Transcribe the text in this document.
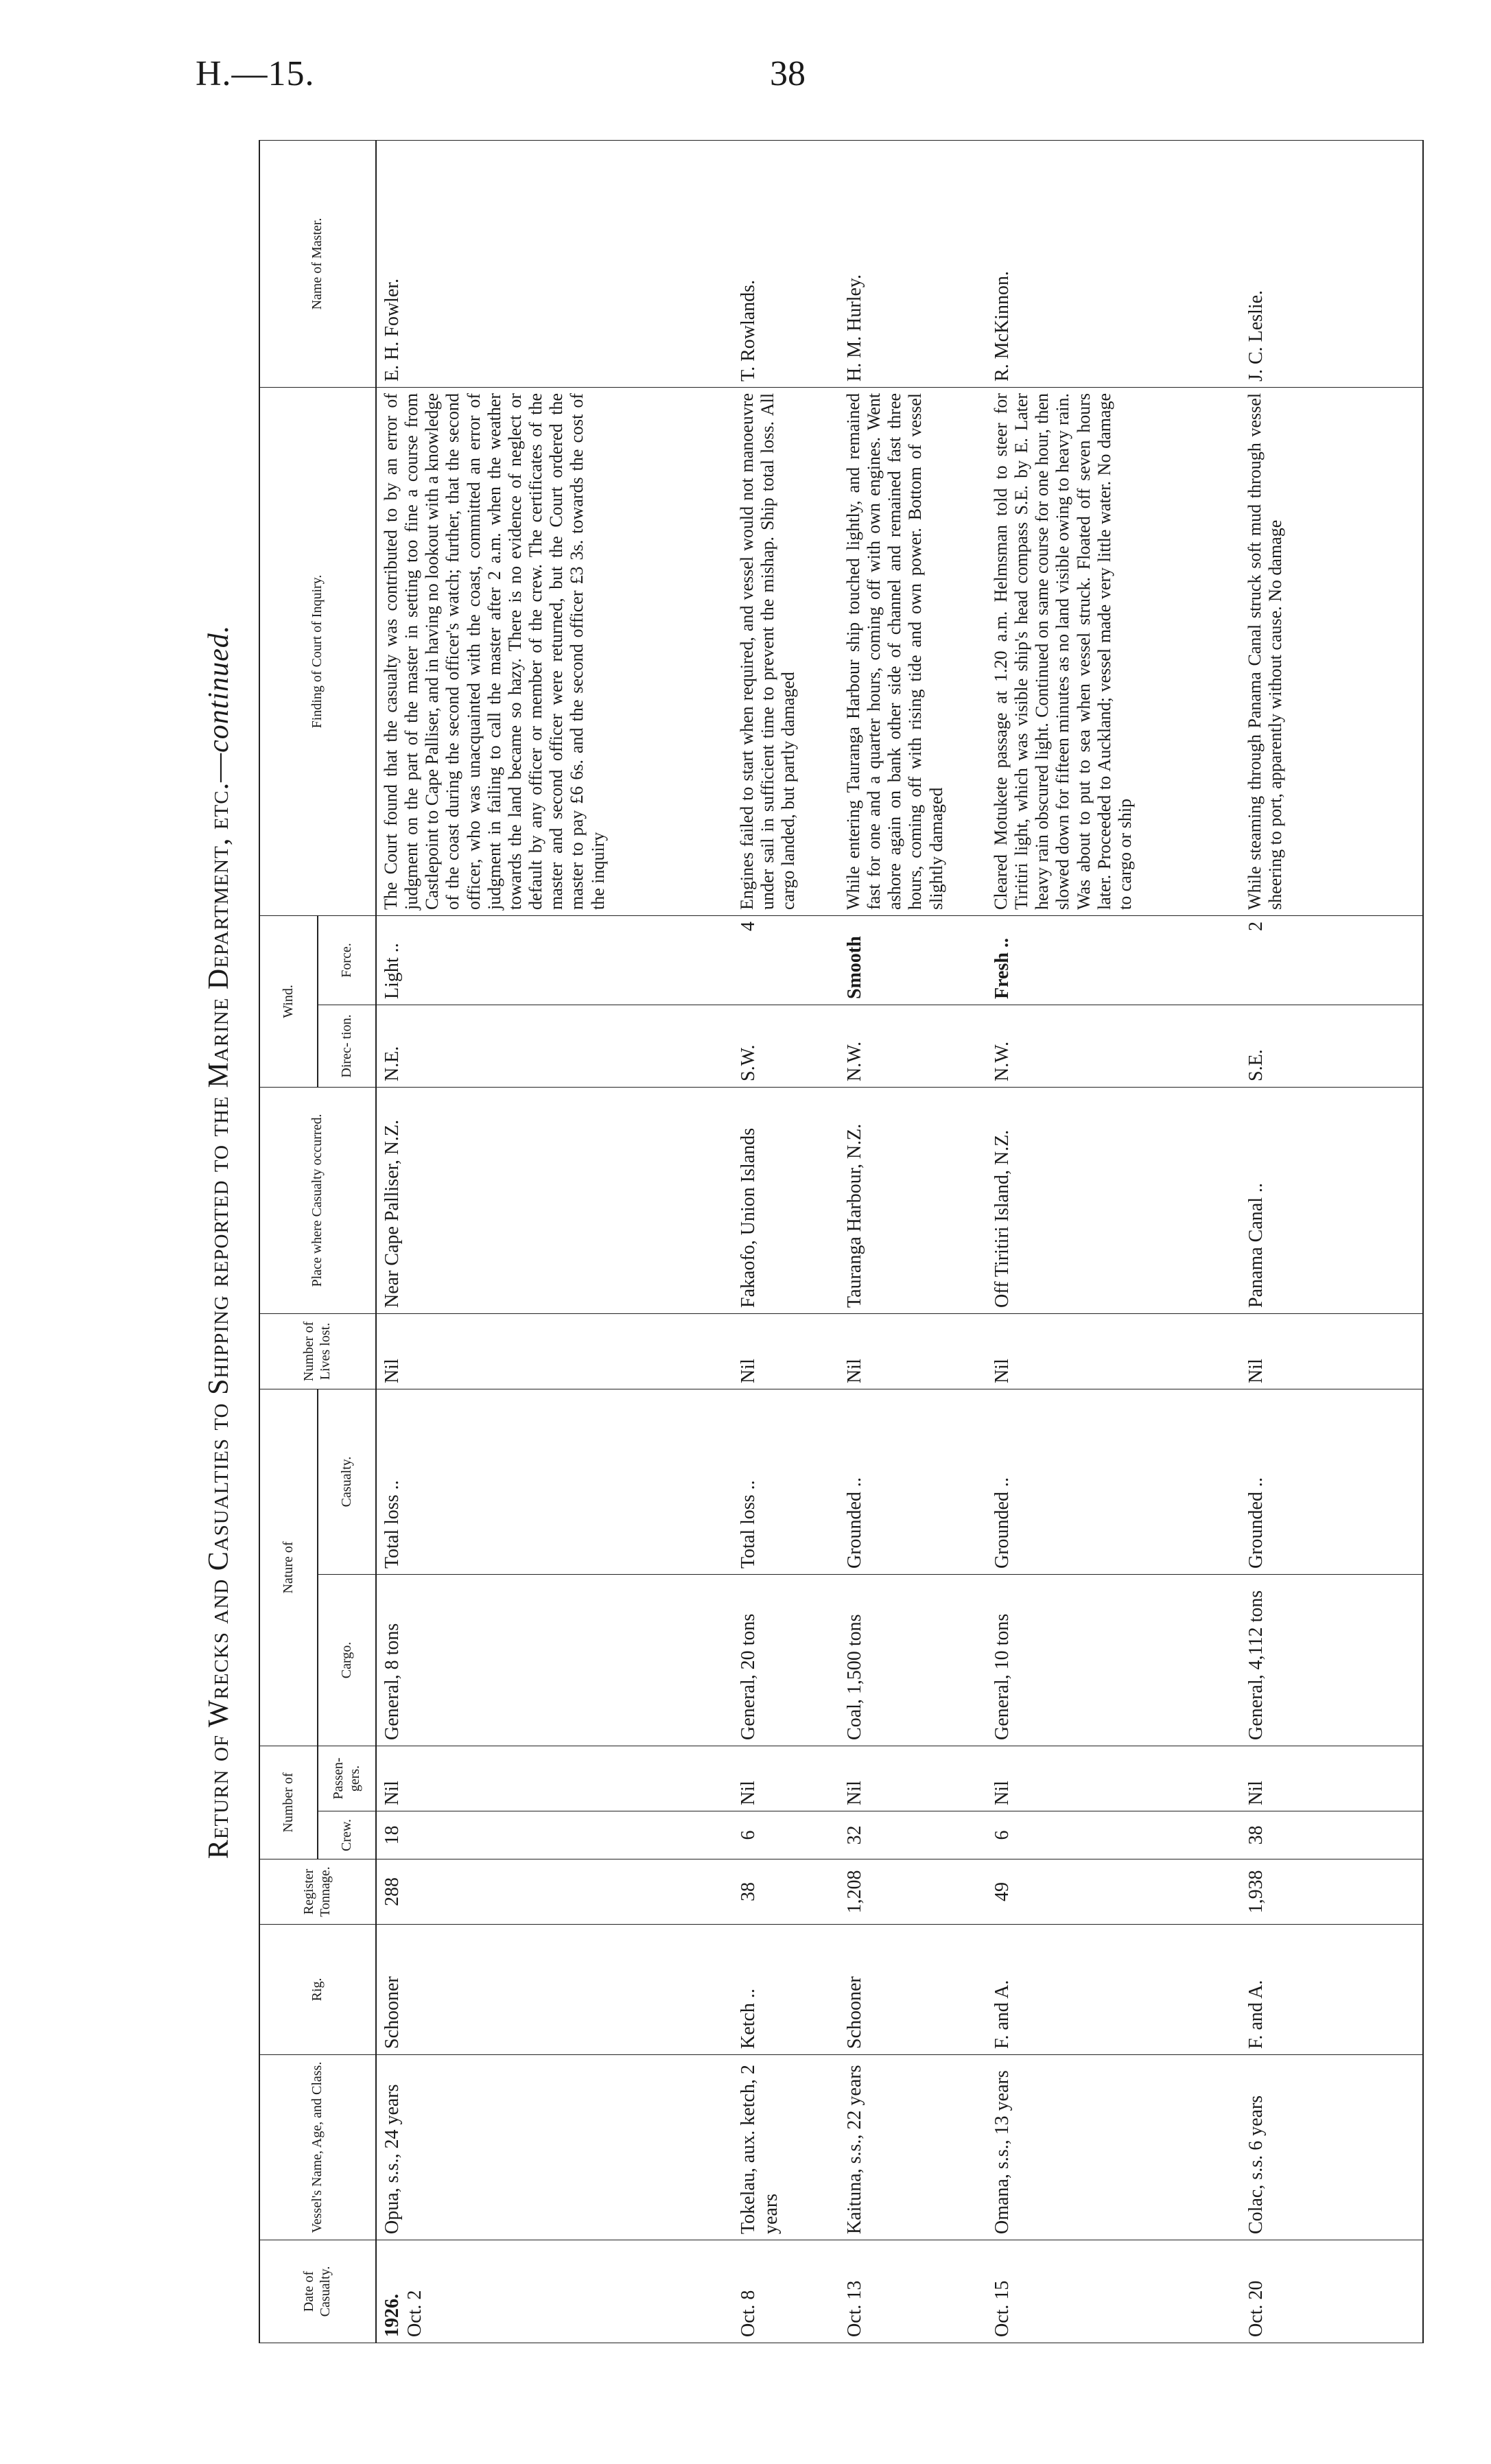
H.—15.	38
Return of Wrecks and Casualties to Shipping reported to the Marine Department, etc.—continued.
Date of Casualty.	Vessel's Name, Age, and Class.	Rig.	Register Tonnage.	Number of		Nature of		Number of Lives lost.	Place where Casualty occurred.	Wind.		Finding of Court of Inquiry.	Name of Master.
				Crew.	Passen- gers.	Cargo.	Casualty.			Direc- tion.	Force.		

1926. Oct. 2	Opua, s.s., 24 years	Schooner	288	18	Nil	General, 8 tons	Total loss ..	Nil	Near Cape Palliser, N.Z.	N.E.	Light ..	The Court found that the casualty was contributed to by an error of judgment on the part of the master in setting too fine a course from Castlepoint to Cape Palliser, and in having no lookout with a knowledge of the coast during the second officer's watch; further, that the second officer, who was unacquainted with the coast, committed an error of judgment in failing to call the master after 2 a.m. when the weather towards the land became so hazy. There is no evidence of neglect or default by any officer or member of the crew. The certificates of the master and second officer were returned, but the Court ordered the master to pay £6 6s. and the second officer £3 3s. towards the cost of the inquiry	E. H. Fowler.
Oct. 8	Tokelau, aux. ketch, 2 years	Ketch ..	38	6	Nil	General, 20 tons	Total loss ..	Nil	Fakaofo, Union Islands	S.W.	4	Engines failed to start when required, and vessel would not manoeuvre under sail in sufficient time to prevent the mishap. Ship total loss. All cargo landed, but partly damaged	T. Rowlands.
Oct. 13	Kaituna, s.s., 22 years	Schooner	1,208	32	Nil	Coal, 1,500 tons	Grounded ..	Nil	Tauranga Harbour, N.Z.	N.W.	Smooth	While entering Tauranga Harbour ship touched lightly, and remained fast for one and a quarter hours, coming off with own engines. Went ashore again on bank other side of channel and remained fast three hours, coming off with rising tide and own power. Bottom of vessel slightly damaged	H. M. Hurley.
Oct. 15	Omana, s.s., 13 years	F. and A.	49	6	Nil	General, 10 tons	Grounded ..	Nil	Off Tiritiri Island, N.Z.	N.W.	Fresh ..	Cleared Motukete passage at 1.20 a.m. Helmsman told to steer for Tiritiri light, which was visible ship's head compass S.E. by E. Later heavy rain obscured light. Continued on same course for one hour, then slowed down for fifteen minutes as no land visible owing to heavy rain. Was about to put to sea when vessel struck. Floated off seven hours later. Proceeded to Auckland; vessel made very little water. No damage to cargo or ship	R. McKinnon.
Oct. 20	Colac, s.s. 6 years	F. and A.	1,938	38	Nil	General, 4,112 tons	Grounded ..	Nil	Panama Canal ..	S.E.	2	While steaming through Panama Canal struck soft mud through vessel sheering to port, apparently without cause. No damage	J. C. Leslie.
